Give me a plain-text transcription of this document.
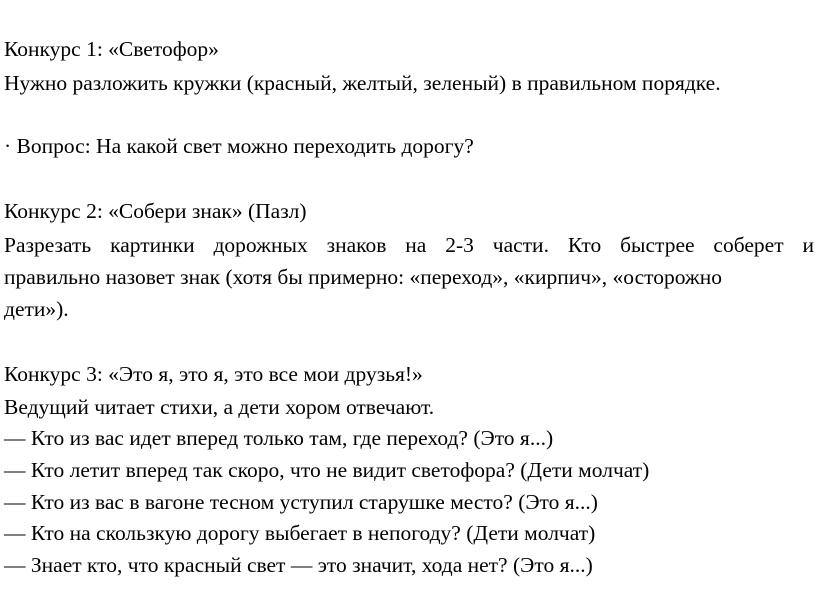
Конкурс 1: «Светофор»
Нужно разложить кружки (красный, желтый, зеленый) в правильном порядке.
· Вопрос: На какой свет можно переходить дорогу?
Конкурс 2: «Собери знак» (Пазл)
Разрезать картинки дорожных знаков на 2-3 части. Кто быстрее соберет и
правильно назовет знак (хотя бы примерно: «переход», «кирпич», «осторожно
дети»).
Конкурс 3: «Это я, это я, это все мои друзья!»
Ведущий читает стихи, а дети хором отвечают.
— Кто из вас идет вперед только там, где переход? (Это я...)
— Кто летит вперед так скоро, что не видит светофора? (Дети молчат)
— Кто из вас в вагоне тесном уступил старушке место? (Это я...)
— Кто на скользкую дорогу выбегает в непогоду? (Дети молчат)
— Знает кто, что красный свет — это значит, хода нет? (Это я...)
